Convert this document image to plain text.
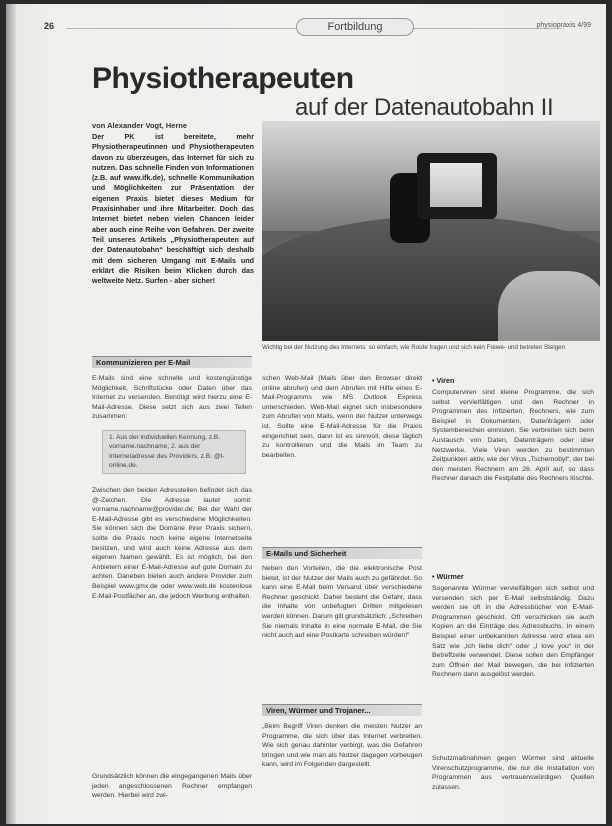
26	Fortbildung	physiopraxis 4/99
Physiotherapeuten
auf der Datenautobahn II
von Alexander Vogt, Herne
Der PK ist bereitete, mehr Physiotherapeutinnen und Physiotherapeuten davon zu überzeugen, das Internet für sich zu nutzen. Das schnelle Finden von Informationen (z.B. auf www.ifk.de), schnelle Kommunikation und Möglichkeiten zur Präsentation der eigenen Praxis bietet dieses Medium für Praxisinhaber und ihre Mitarbeiter. Doch das Internet bietet neben vielen Chancen leider aber auch eine Reihe von Gefahren. Der zweite Teil unseres Artikels „Physiotherapeuten auf der Datenautobahn“ beschäftigt sich deshalb mit dem sicheren Umgang mit E-Mails und erklärt die Risiken beim Klicken durch das weltweite Netz. Surfen - aber sicher!
Wichtig bei der Nutzung des Internets: so einfach, wie Route fragen und sich kein Frewe- und betreten Steigen
Kommunizieren per E-Mail
E-Mails sind eine schnelle und kostengünstige Möglichkeit, Schriftstücke oder Daten über das Internet zu versenden. Benötigt wird hierzu eine E-Mail-Adresse. Diese setzt sich aus zwei Teilen zusammen:
1. Aus der individuellen Kennung, z.B. vorname.nachname; 2. aus der Internetadresse des Providers, z.B. @t-online.de.
Zwischen den beiden Adressteilen befindet sich das @-Zeichen. Die Adresse lautet somit: vorname.nachname@provider.de. Bei der Wahl der E-Mail-Adresse gibt es verschiedene Möglichkeiten. Sie können sich die Domäne Ihrer Praxis sichern, sollte die Praxis noch keine eigene Internetseite besitzen, und wird auch keine Adresse aus dem eigenen Namen gewählt. Es ist möglich, bei den Anbietern einer E-Mail-Adresse auf gute Domain zu achten. Daneben bieten auch andere Provider zum Beispiel www.gmx.de oder www.web.de kostenlose E-Mail-Postfächer an, die jedoch Werbung enthalten.
Grundsätzlich können die eingegangenen Mails über jeden angeschlossenen Rechner empfangen werden. Hierbei wird zwi-
schen Web-Mail (Mails über den Browser direkt online abrufen) und dem Abrufen mit Hilfe eines E-Mail-Programms wie MS Outlook Express unterschieden. Web-Mail eignet sich insbesondere zum Abrufen von Mails, wenn der Nutzer unterwegs ist. Sollte eine E-Mail-Adresse für die Praxis eingerichtet sein, dann ist es sinnvoll, diese täglich zu kontrollieren und die Mails im Team zu bearbeiten.
E-Mails und Sicherheit
Neben den Vorteilen, die die elektronische Post bietet, ist der Nutzer der Mails auch zu gefährdet. So kann eine E-Mail beim Versand über verschiedene Rechner geschickt. Daher besteht die Gefahr, dass die Inhalte von unbefugten Dritten mitgelesen werden können. Darum gilt grundsätzlich: „Schreiben Sie niemals Inhalte in eine normale E-Mail, die Sie nicht auch auf eine Postkarte schreiben würden!“
Viren, Würmer und Trojaner...
„Beim Begriff Viren denken die meisten Nutzer an Programme, die sich über das Internet verbreiten. Wie sich genau dahinter verbirgt, was die Gefahren bringen und wie man als Nutzer dagegen vorbeugen kann, wird im Folgenden dargestellt.
• Viren
Computerviren sind kleine Programme, die sich selbst vervielfältigen und den Rechner in Programmen des Infizierten, Rechners, wie zum Beispiel in Dokumenten, Datenträgern oder Systembereichen einnisten. Sie verbreiten sich beim Austausch von Daten, Datenträgern oder über Netzwerke. Viele Viren werden zu bestimmten Zeitpunkten aktiv, wie der Virus „Tschernobyl“, der bei den meisten Rechnern am 26. April auf, so dass Rechner danach die Festplatte des Rechners löschte.
• Würmer
Sogenannte Würmer vervielfältigen sich selbst und versenden sich per E-Mail selbstständig. Dazu werden sie oft in die Adressbücher von E-Mail-Programmen geschickt. Oft verschicken sie auch Kopien an die Einträge des Adressbuchs. In einem Beispiel einer unbekannten Adresse wird etwa ein Satz wie „Ich liebe dich“ oder „I love you“ in der Betreffzeile verwendet. Diese sollen den Empfänger zum Öffnen der Mail bewegen, die bei infizierten Rechnern dann ausgelöst werden.
Schutzmaßnahmen gegen Würmer sind aktuelle Virenschutzprogramme, die nur die Installation von Programmen aus vertrauenswürdigen Quellen zulassen.
